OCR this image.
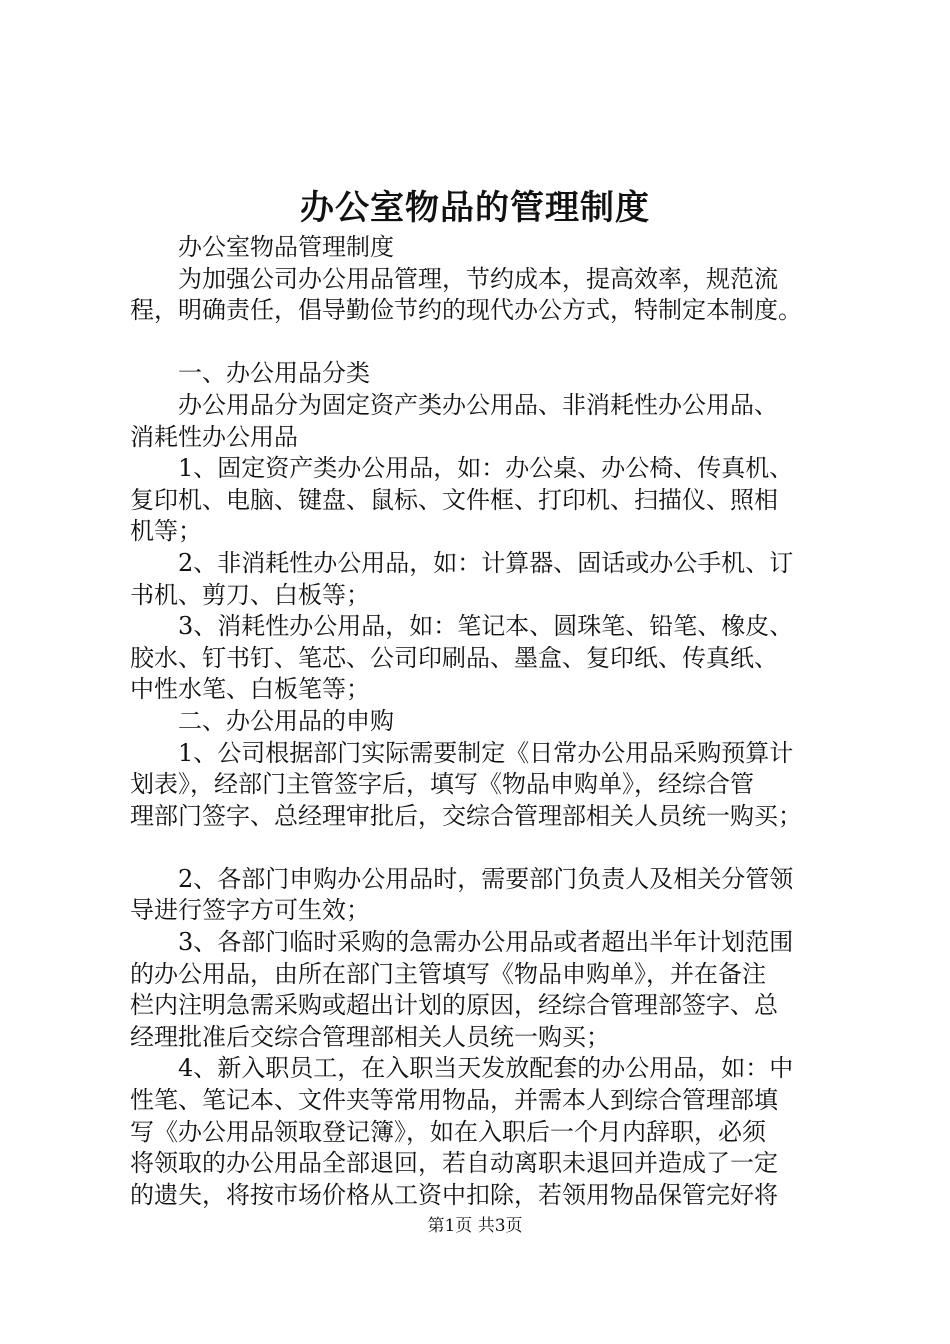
办公室物品的管理制度

　　办公室物品管理制度

　　为加强公司办公用品管理，节约成本，提高效率，规范流

程，明确责任，倡导勤俭节约的现代办公方式，特制定本制度。

　　一、办公用品分类

　　办公用品分为固定资产类办公用品、非消耗性办公用品、

消耗性办公用品

　　1、固定资产类办公用品，如：办公桌、办公椅、传真机、

复印机、电脑、键盘、鼠标、文件框、打印机、扫描仪、照相

机等；

　　2、非消耗性办公用品，如：计算器、固话或办公手机、订

书机、剪刀、白板等；

　　3、消耗性办公用品，如：笔记本、圆珠笔、铅笔、橡皮、

胶水、钉书钉、笔芯、公司印刷品、墨盒、复印纸、传真纸、

中性水笔、白板笔等；

　　二、办公用品的申购

　　1、公司根据部门实际需要制定《日常办公用品采购预算计

划表》，经部门主管签字后，填写《物品申购单》，经综合管

理部门签字、总经理审批后，交综合管理部相关人员统一购买；

　　2、各部门申购办公用品时，需要部门负责人及相关分管领

导进行签字方可生效；

　　3、各部门临时采购的急需办公用品或者超出半年计划范围

的办公用品，由所在部门主管填写《物品申购单》，并在备注

栏内注明急需采购或超出计划的原因，经综合管理部签字、总

经理批准后交综合管理部相关人员统一购买；

　　4、新入职员工，在入职当天发放配套的办公用品，如：中

性笔、笔记本、文件夹等常用物品，并需本人到综合管理部填

写《办公用品领取登记簿》，如在入职后一个月内辞职，必须

将领取的办公用品全部退回，若自动离职未退回并造成了一定

的遗失，将按市场价格从工资中扣除，若领用物品保管完好将

第1页 共3页
